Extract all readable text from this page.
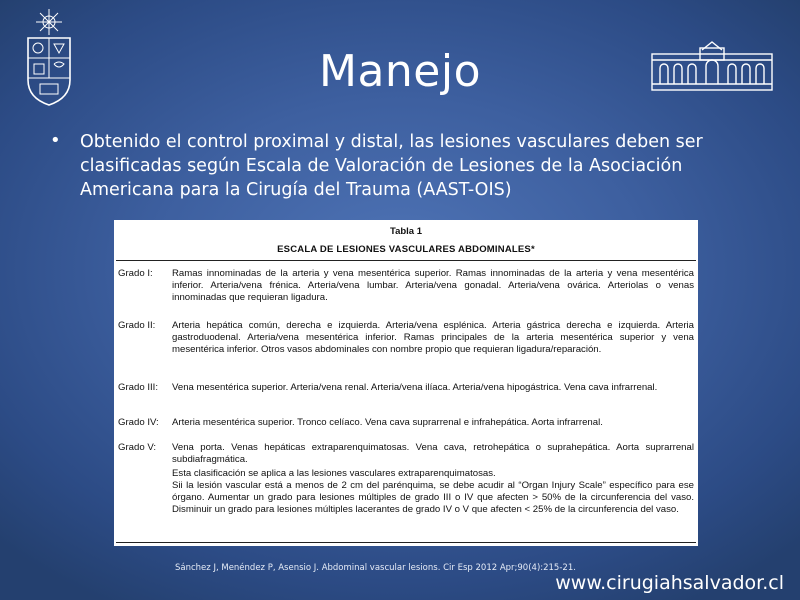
Manejo
• Obtenido el control proximal y distal, las lesiones vasculares deben ser clasificadas según Escala de Valoración de Lesiones de la Asociación Americana para la Cirugía del Trauma (AAST-OIS)
Tabla 1
ESCALA DE LESIONES VASCULARES ABDOMINALES*
Grado I:	Ramas innominadas de la arteria y vena mesentérica superior. Ramas innominadas de la arteria y vena mesentérica inferior. Arteria/vena frénica. Arteria/vena lumbar. Arteria/vena gonadal. Arteria/vena ovárica. Arteriolas o venas innominadas que requieran ligadura.
Grado II:	Arteria hepática común, derecha e izquierda. Arteria/vena esplénica. Arteria gástrica derecha e izquierda. Arteria gastroduodenal. Arteria/vena mesentérica inferior. Ramas principales de la arteria mesentérica superior y vena mesentérica inferior. Otros vasos abdominales con nombre propio que requieran ligadura/reparación.
Grado III:	Vena mesentérica superior. Arteria/vena renal. Arteria/vena ilíaca. Arteria/vena hipogástrica. Vena cava infrarrenal.
Grado IV:	Arteria mesentérica superior. Tronco celíaco. Vena cava suprarrenal e infrahepática. Aorta infrarrenal.
Grado V:	Vena porta. Venas hepáticas extraparenquimatosas. Vena cava, retrohepática o suprahepática. Aorta suprarrenal subdiafragmática.
Esta clasificación se aplica a las lesiones vasculares extraparenquimatosas.
Sii la lesión vascular está a menos de 2 cm del parénquima, se debe acudir al “Organ Injury Scale” específico para ese órgano. Aumentar un grado para lesiones múltiples de grado III o IV que afecten > 50% de la circunferencia del vaso. Disminuir un grado para lesiones múltiples lacerantes de grado IV o V que afecten < 25% de la circunferencia del vaso.
Sánchez J, Menéndez P, Asensio J. Abdominal vascular lesions. Cir Esp 2012 Apr;90(4):215-21.
www.cirugiahsalvador.cl
